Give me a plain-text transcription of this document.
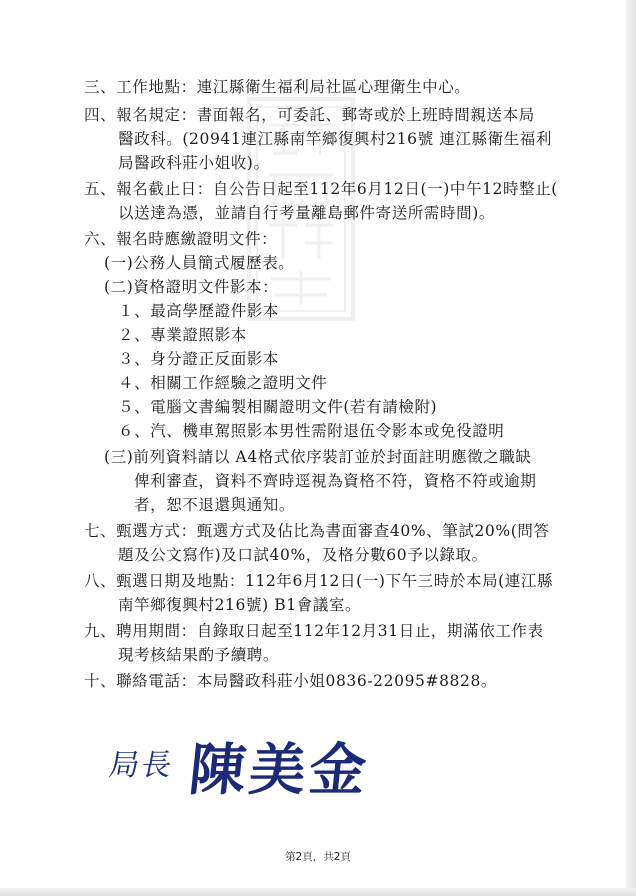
三、工作地點：連江縣衛生福利局社區心理衛生中心。
四、報名規定：書面報名，可委託、郵寄或於上班時間親送本局
醫政科。(20941連江縣南竿鄉復興村216號 連江縣衛生福利
局醫政科莊小姐收)。
五、報名截止日：自公告日起至112年6月12日(一)中午12時整止(
以送達為憑，並請自行考量離島郵件寄送所需時間)。
六、報名時應繳證明文件：
(一)公務人員簡式履歷表。
(二)資格證明文件影本：
１、最高學歷證件影本
２、專業證照影本
３、身分證正反面影本
４、相關工作經驗之證明文件
５、電腦文書編製相關證明文件(若有請檢附)
６、汽、機車駕照影本男性需附退伍令影本或免役證明
(三)前列資料請以 A4格式依序裝訂並於封面註明應徵之職缺
俾利審查，資料不齊時逕視為資格不符，資格不符或逾期
者，恕不退還與通知。
七、甄選方式：甄選方式及佔比為書面審查40%、筆試20%(問答
題及公文寫作)及口試40%，及格分數60予以錄取。
八、甄選日期及地點：112年6月12日(一)下午三時於本局(連江縣
南竿鄉復興村216號) B1會議室。
九、聘用期間：自錄取日起至112年12月31日止，期滿依工作表
現考核結果酌予續聘。
十、聯絡電話：本局醫政科莊小姐0836-22095#8828。
局長 陳美金
第2頁，共2頁
